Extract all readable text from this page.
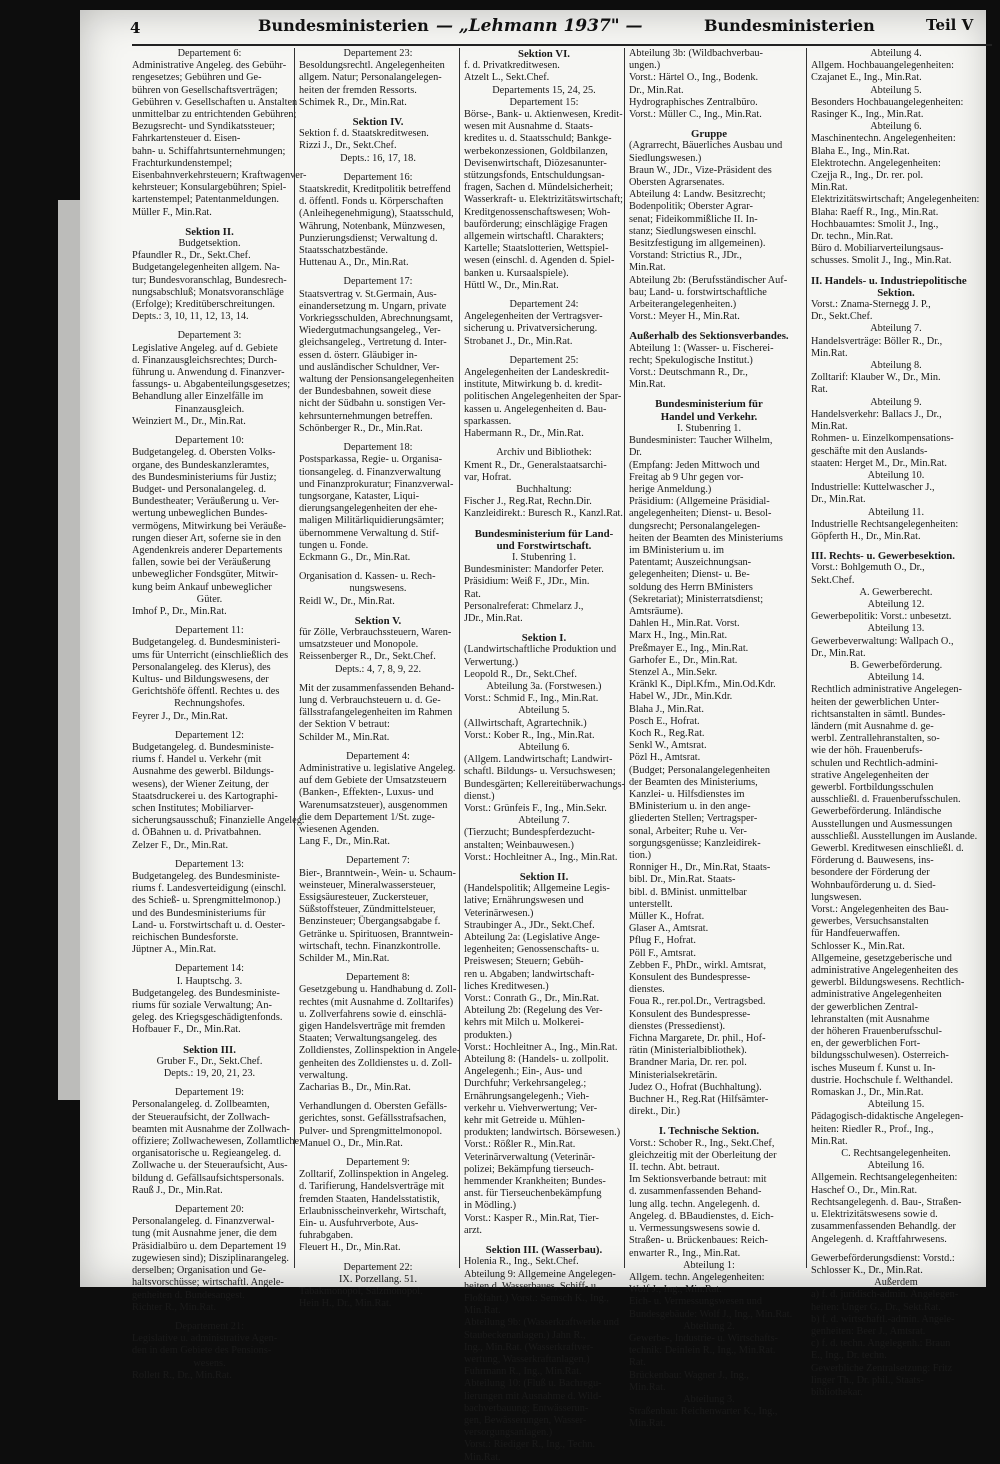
4	Bundesministerien — „Lehmann 1937" —	Bundesministerien	Teil V
Departement 6:
Administrative Angeleg. des Gebühr-
rengesetzes; Gebühren und Ge-
bühren von Gesellschaftsverträgen;
Gebühren v. Gesellschaften u. Anstalten
unmittelbar zu entrichtenden Gebühren;
Bezugsrecht- und Syndikatssteuer;
Fahrkartensteuer d. Eisen-
bahn- u. Schiffahrtsunternehmungen;
Frachturkundenstempel;
Eisenbahnverkehrsteuern; Kraftwagenver-
kehrsteuer; Konsulargebühren; Spiel-
kartenstempel; Patentanmeldungen.
Müller F., Min.Rat.
Sektion II.
Budgetsektion.
Pfaundler R., Dr., Sekt.Chef.
Budgetangelegenheiten allgem. Na-
tur; Bundesvoranschlag, Bundesrech-
nungsabschluß; Monatsvoranschläge
(Erfolge); Kreditüberschreitungen.
Depts.: 3, 10, 11, 12, 13, 14.
Departement 3:
Legislative Angeleg. auf d. Gebiete
d. Finanzausgleichsrechtes; Durch-
führung u. Anwendung d. Finanzver-
fassungs- u. Abgabenteilungsgesetzes;
Behandlung aller Einzelfälle im
Finanzausgleich.
Weinziert M., Dr., Min.Rat.
Departement 10:
Budgetangeleg. d. Obersten Volks-
organe, des Bundeskanzleramtes,
des Bundesministeriums für Justiz;
Budget- und Personalangeleg. d.
Bundestheater; Veräußerung u. Ver-
wertung unbeweglichen Bundes-
vermögens, Mitwirkung bei Veräuße-
rungen dieser Art, soferne sie in den
Agendenkreis anderer Departements
fallen, sowie bei der Veräußerung
unbeweglicher Fondsgüter, Mitwir-
kung beim Ankauf unbeweglicher
Güter.
Imhof P., Dr., Min.Rat.
Departement 11:
Budgetangeleg. d. Bundesministeri-
ums für Unterricht (einschließlich des
Personalangeleg. des Klerus), des
Kultus- und Bildungswesens, der
Gerichtshöfe öffentl. Rechtes u. des
Rechnungshofes.
Feyrer J., Dr., Min.Rat.
Departement 12:
Budgetangeleg. d. Bundesministe-
riums f. Handel u. Verkehr (mit
Ausnahme des gewerbl. Bildungs-
wesens), der Wiener Zeitung, der
Staatsdruckerei u. des Kartographi-
schen Institutes; Mobiliarver-
sicherungsausschuß; Finanzielle Angeleg.
d. ÖBahnen u. d. Privatbahnen.
Zelzer F., Dr., Min.Rat.
Departement 13:
Budgetangeleg. des Bundesministe-
riums f. Landesverteidigung (einschl.
des Schieß- u. Sprengmittelmonop.)
und des Bundesministeriums für
Land- u. Forstwirtschaft u. d. Oester-
reichischen Bundesforste.
Jüptner A., Min.Rat.
Departement 14:
I. Hauptschg. 3.
Budgetangeleg. des Bundesministe-
riums für soziale Verwaltung; An-
geleg. des Kriegsgeschädigtenfonds.
Hofbauer F., Dr., Min.Rat.
Sektion III.
Gruber F., Dr., Sekt.Chef.
Depts.: 19, 20, 21, 23.
Departement 19:
Personalangeleg. d. Zollbeamten,
der Steueraufsicht, der Zollwach-
beamten mit Ausnahme der Zollwach-
offiziere; Zollwachewesen, Zollamtliche
organisatorische u. Regieangeleg. d.
Zollwache u. der Steueraufsicht, Aus-
bildung d. Gefällsaufsichtspersonals.
Rauß J., Dr., Min.Rat.
Departement 20:
Personalangeleg. d. Finanzverwal-
tung (mit Ausnahme jener, die dem
Präsidialbüro u. dem Departement 19
zugewiesen sind); Disziplinarangeleg.
derselben; Organisation und Ge-
haltsvorschüsse; wirtschaftl. Angele-
genheiten d. Bundesangest.
Richter R., Min.Rat.
Departement 21:
Legislative u. administrative Agen-
den in dem Gebiete des Pensions-
wesens.
Rollett R., Dr., Min.Rat.
Departement 23:
Besoldungsrechtl. Angelegenheiten
allgem. Natur; Personalangelegen-
heiten der fremden Ressorts.
Schimek R., Dr., Min.Rat.
Sektion IV.
Sektion f. d. Staatskreditwesen.
Rizzi J., Dr., Sekt.Chef.
Depts.: 16, 17, 18.
Departement 16:
Staatskredit, Kreditpolitik betreffend
d. öffentl. Fonds u. Körperschaften
(Anleihegenehmigung), Staatsschuld,
Währung, Notenbank, Münzwesen,
Punzierungsdienst; Verwaltung d.
Staatsschatzbestände.
Huttenau A., Dr., Min.Rat.
Departement 17:
Staatsvertrag v. St.Germain, Aus-
einandersetzung m. Ungarn, private
Vorkriegsschulden, Abrechnungsamt,
Wiedergutmachungsangeleg., Ver-
gleichsangeleg., Vertretung d. Inter-
essen d. österr. Gläubiger in-
und ausländischer Schuldner, Ver-
waltung der Pensionsangelegenheiten
der Bundesbahnen, soweit diese
nicht der Südbahn u. sonstigen Ver-
kehrsunternehmungen betreffen.
Schönberger R., Dr., Min.Rat.
Departement 18:
Postsparkassa, Regie- u. Organisa-
tionsangeleg. d. Finanzverwaltung
und Finanzprokuratur; Finanzverwal-
tungsorgane, Kataster, Liqui-
dierungsangelegenheiten der ehe-
maligen Militärliquidierungsämter;
übernommene Verwaltung d. Stif-
tungen u. Fonde.
Eckmann G., Dr., Min.Rat.
Organisation d. Kassen- u. Rech-
nungswesens.
Reidl W., Dr., Min.Rat.
Sektion V.
für Zölle, Verbrauchssteuern, Waren-
umsatzsteuer und Monopole.
Reissenberger R., Dr., Sekt.Chef.
Depts.: 4, 7, 8, 9, 22.
Mit der zusammenfassenden Behand-
lung d. Verbrauchsteuern u. d. Ge-
fällsstrafangelegenheiten im Rahmen
der Sektion V betraut:
Schilder M., Min.Rat.
Departement 4:
Administrative u. legislative Angeleg.
auf dem Gebiete der Umsatzsteuern
(Banken-, Effekten-, Luxus- und
Warenumsatzsteuer), ausgenommen
die dem Departement 1/St. zuge-
wiesenen Agenden.
Lang F., Dr., Min.Rat.
Departement 7:
Bier-, Branntwein-, Wein- u. Schaum-
weinsteuer, Mineralwassersteuer,
Essigsäuresteuer, Zuckersteuer,
Süßstoffsteuer, Zündmittelsteuer,
Benzinsteuer; Übergangsabgabe f.
Getränke u. Spirituosen, Branntwein-
wirtschaft, techn. Finanzkontrolle.
Schilder M., Min.Rat.
Departement 8:
Gesetzgebung u. Handhabung d. Zoll-
rechtes (mit Ausnahme d. Zolltarifes)
u. Zollverfahrens sowie d. einschlä-
gigen Handelsverträge mit fremden
Staaten; Verwaltungsangeleg. des
Zolldienstes, Zollinspektion in Angele-
genheiten des Zolldienstes u. d. Zoll-
verwaltung.
Zacharias B., Dr., Min.Rat.
Verhandlungen d. Obersten Gefälls-
gerichtes, sonst. Gefällsstrafsachen,
Pulver- und Sprengmittelmonopol.
Manuel O., Dr., Min.Rat.
Departement 9:
Zolltarif, Zollinspektion in Angeleg.
d. Tarifierung, Handelsverträge mit
fremden Staaten, Handelsstatistik,
Erlaubnisscheinverkehr, Wirtschaft,
Ein- u. Ausfuhrverbote, Aus-
fuhrabgaben.
Fleuert H., Dr., Min.Rat.
Departement 22:
IX. Porzellang. 51.
Tabakmonopol, Salzmonopol.
Hein H., Dr., Min.Rat.
Sektion VI.
f. d. Privatkreditwesen.
Atzelt L., Sekt.Chef.
Departements 15, 24, 25.
Departement 15:
Börse-, Bank- u. Aktienwesen, Kredit-
wesen mit Ausnahme d. Staats-
kredites u. d. Staatsschuld; Bankge-
werbekonzessionen, Goldbilanzen,
Devisenwirtschaft, Diözesanunter-
stützungsfonds, Entschuldungsan-
fragen, Sachen d. Mündelsicherheit;
Wasserkraft- u. Elektrizitätswirtschaft;
Kreditgenossenschaftswesen; Woh-
bauförderung; einschlägige Fragen
allgemein wirtschaftl. Charakters;
Kartelle; Staatslotterien, Wettspiel-
wesen (einschl. d. Agenden d. Spiel-
banken u. Kursaalspiele).
Hüttl W., Dr., Min.Rat.
Departement 24:
Angelegenheiten der Vertragsver-
sicherung u. Privatversicherung.
Strobanet J., Dr., Min.Rat.
Departement 25:
Angelegenheiten der Landeskredit-
institute, Mitwirkung b. d. kredit-
politischen Angelegenheiten der Spar-
kassen u. Angelegenheiten d. Bau-
sparkassen.
Habermann R., Dr., Min.Rat.
Archiv und Bibliothek:
Kment R., Dr., Generalstaatsarchi-
var, Hofrat.
Buchhaltung:
Fischer J., Reg.Rat, Rechn.Dir.
Kanzleidirekt.: Buresch R., Kanzl.Rat.
Bundesministerium für Land-
und Forstwirtschaft.
I. Stubenring 1.
Bundesminister: Mandorfer Peter.
Präsidium: Weiß F., JDr., Min.
Rat.
Personalreferat: Chmelarz J.,
JDr., Min.Rat.
Sektion I.
(Landwirtschaftliche Produktion und
Verwertung.)
Leopold R., Dr., Sekt.Chef.
Abteilung 3a. (Forstwesen.)
Vorst.: Schmid F., Ing., Min.Rat.
Abteilung 5.
(Allwirtschaft, Agrartechnik.)
Vorst.: Kober R., Ing., Min.Rat.
Abteilung 6.
(Allgem. Landwirtschaft; Landwirt-
schaftl. Bildungs- u. Versuchswesen;
Bundesgärten; Kellereitüberwachungs-
dienst.)
Vorst.: Grünfeis F., Ing., Min.Sekr.
Abteilung 7.
(Tierzucht; Bundespferdezucht-
anstalten; Weinbauwesen.)
Vorst.: Hochleitner A., Ing., Min.Rat.
Sektion II.
(Handelspolitik; Allgemeine Legis-
lative; Ernährungswesen und
Veterinärwesen.)
Straubinger A., JDr., Sekt.Chef.
Abteilung 2a: (Legislative Ange-
legenheiten; Genossenschafts- u.
Preiswesen; Steuern; Gebüh-
ren u. Abgaben; landwirtschaft-
liches Kreditwesen.)
Vorst.: Conrath G., Dr., Min.Rat.
Abteilung 2b: (Regelung des Ver-
kehrs mit Milch u. Molkerei-
produkten.)
Vorst.: Hochleitner A., Ing., Min.Rat.
Abteilung 8: (Handels- u. zollpolit.
Angelegenh.; Ein-, Aus- und
Durchfuhr; Verkehrsangeleg.;
Ernährungsangelegenh.; Vieh-
verkehr u. Viehverwertung; Ver-
kehr mit Getreide u. Mühlen-
produkten; landwirtsch. Börsewesen.)
Vorst.: Rößler R., Min.Rat.
Veterinärverwaltung (Veterinär-
polizei; Bekämpfung tierseuch-
hemmender Krankheiten; Bundes-
anst. für Tierseuchenbekämpfung
in Mödling.)
Vorst.: Kasper R., Min.Rat, Tier-
arzt.
Sektion III. (Wasserbau).
Holenia R., Ing., Sekt.Chef.
Abteilung 9: Allgemeine Angelegen-
heiten d. Wasserbaues, Schiff- u.
Floßfahrt.) Vorst.: Semsch K., Ing.,
Min.Rat.
Abteilung 9b: (Wasserkraftwerke und
Staubeckenanlagen.) Jahn R.,
Ing., Min.Rat. (Wasserkraftver-
wertung, Wasserkraftanlagen.)
Fuhrmann R., Ing., Min.Rat.
Abteilung 10: (Fluß u. Bachregu-
lierungen mit Ausnahme d. Wild-
bachverbauung; Entwässerun-
gen, Bewässerungen, Wasser-
versorgungsanlagen.)
Vorst.: Riediger R., Ing., Techn.
Min.Rat.
Abteilung 3b: (Wildbachverbau-
ungen.)
Vorst.: Härtel O., Ing., Bodenk.
Dr., Min.Rat.
Hydrographisches Zentralbüro.
Vorst.: Müller C., Ing., Min.Rat.
Gruppe
(Agrarrecht, Bäuerliches Ausbau und
Siedlungswesen.)
Braun W., JDr., Vize-Präsident des
Obersten Agrarsenates.
Abteilung 4: Landw. Besitzrecht;
Bodenpolitik; Oberster Agrar-
senat; Fideikommißliche II. In-
stanz; Siedlungswesen einschl.
Besitzfestigung im allgemeinen).
Vorstand: Strictius R., JDr.,
Min.Rat.
Abteilung 2b: (Berufsständischer Auf-
bau; Land- u. forstwirtschaftliche
Arbeiterangelegenheiten.)
Vorst.: Meyer H., Min.Rat.
Außerhalb des Sektionsverbandes.
Abteilung 1: (Wasser- u. Fischerei-
recht; Spekulogische Institut.)
Vorst.: Deutschmann R., Dr.,
Min.Rat.
Bundesministerium für
Handel und Verkehr.
I. Stubenring 1.
Bundesminister: Taucher Wilhelm,
Dr.
(Empfang: Jeden Mittwoch und
Freitag ab 9 Uhr gegen vor-
herige Anmeldung.)
Präsidium: (Allgemeine Präsidial-
angelegenheiten; Dienst- u. Besol-
dungsrecht; Personalangelegen-
heiten der Beamten des Ministeriums
im BMinisterium u. im
Patentamt; Auszeichnungsan-
gelegenheiten; Dienst- u. Be-
soldung des Herrn BMinisters
(Sekretariat); Ministerratsdienst;
Amtsräume).
Dahlen H., Min.Rat. Vorst.
Marx H., Ing., Min.Rat.
Preßmayer E., Ing., Min.Rat.
Garhofer E., Dr., Min.Rat.
Stenzel A., Min.Sekr.
Kränkl K., Dipl.Kfm., Min.Od.Kdr.
Habel W., JDr., Min.Kdr.
Blaha J., Min.Rat.
Posch E., Hofrat.
Koch R., Reg.Rat.
Senkl W., Amtsrat.
Pözl H., Amtsrat.
(Budget; Personalangelegenheiten
der Beamten des Ministeriums,
Kanzlei- u. Hilfsdienstes im
BMinisterium u. in den ange-
gliederten Stellen; Vertragsper-
sonal, Arbeiter; Ruhe u. Ver-
sorgungsgenüsse; Kanzleidirek-
tion.)
Ronniger H., Dr., Min.Rat, Staats-
bibl. Dr., Min.Rat. Staats-
bibl. d. BMinist. unmittelbar
unterstellt.
Müller K., Hofrat.
Glaser A., Amtsrat.
Pflug F., Hofrat.
Pöll F., Amtsrat.
Zebben F., PhDr., wirkl. Amtsrat,
Konsulent des Bundespresse-
dienstes.
Foua R., rer.pol.Dr., Vertragsbed.
Konsulent des Bundespresse-
dienstes (Pressedienst).
Fichna Margarete, Dr. phil., Hof-
rätin (Ministerialbibliothek).
Brandner Maria, Dr. rer. pol.
Ministerialsekretärin.
Judez O., Hofrat (Buchhaltung).
Buchner H., Reg.Rat (Hilfsämter-
direkt., Dir.)
I. Technische Sektion.
Vorst.: Schober R., Ing., Sekt.Chef,
gleichzeitig mit der Oberleitung der
II. techn. Abt. betraut.
Im Sektionsverbande betraut: mit
d. zusammenfassenden Behand-
lung allg. techn. Angelegenh. d.
Angeleg. d. BBaudienstes, d. Eich-
u. Vermessungswesens sowie d.
Straßen- u. Brückenbaues: Reich-
enwarter R., Ing., Min.Rat.
Abteilung 1:
Allgem. techn. Angelegenheiten:
Wolf J., Ing., Min.Rat.
Eich- u. Vermessungswesen und
Bundesgebäude: Wolf J., Ing., Min.Rat.
Abteilung 2.
Gewerbe-, Industrie- u. Wirtschafts-
technik: Deinlein R., Ing., Min.Rat.
Rat.
Brückenbau: Wagner J., Ing.,
Min.Rat.
Abteilung 3.
Straßenbau: Reichenwarter K., Ing.,
Min.Rat.
Abteilung 4.
Allgem. Hochbauangelegenheiten:
Czajanet E., Ing., Min.Rat.
Abteilung 5.
Besonders Hochbauangelegenheiten:
Rasinger K., Ing., Min.Rat.
Abteilung 6.
Maschinentechn. Angelegenheiten:
Blaha E., Ing., Min.Rat.
Elektrotechn. Angelegenheiten:
Czejja R., Ing., Dr. rer. pol.
Min.Rat.
Elektrizitätswirtschaft; Angelegenheiten:
Blaha: Raeff R., Ing., Min.Rat.
Hochbauamtes: Smolit J., Ing.,
Dr. techn., Min.Rat.
Büro d. Mobiliarverteilungsaus-
schusses. Smolit J., Ing., Min.Rat.
II. Handels- u. Industriepolitische
Sektion.
Vorst.: Znama-Sternegg J. P.,
Dr., Sekt.Chef.
Abteilung 7.
Handelsverträge: Böller R., Dr.,
Min.Rat.
Abteilung 8.
Zolltarif: Klauber W., Dr., Min.
Rat.
Abteilung 9.
Handelsverkehr: Ballacs J., Dr.,
Min.Rat.
Rohmen- u. Einzelkompensations-
geschäfte mit den Auslands-
staaten: Herget M., Dr., Min.Rat.
Abteilung 10.
Industrielle: Kuttelwascher J.,
Dr., Min.Rat.
Abteilung 11.
Industrielle Rechtsangelegenheiten:
Göpferth H., Dr., Min.Rat.
III. Rechts- u. Gewerbesektion.
Vorst.: Bohlgemuth O., Dr.,
Sekt.Chef.
A. Gewerberecht.
Abteilung 12.
Gewerbepolitik: Vorst.: unbesetzt.
Abteilung 13.
Gewerbeverwaltung: Wallpach O.,
Dr., Min.Rat.
B. Gewerbeförderung.
Abteilung 14.
Rechtlich administrative Angelegen-
heiten der gewerblichen Unter-
richtsanstalten in sämtl. Bundes-
ländern (mit Ausnahme d. ge-
werbl. Zentrallehranstalten, so-
wie der höh. Frauenberufs-
schulen und Rechtlich-admini-
strative Angelegenheiten der
gewerbl. Fortbildungsschulen
ausschließl. d. Frauenberufsschulen.
Gewerbeförderung. Inländische
Ausstellungen und Ausmessungen
ausschließl. Ausstellungen im Auslande.
Gewerbl. Kreditwesen einschließl. d.
Förderung d. Bauwesens, ins-
besondere der Förderung der
Wohnbauförderung u. d. Sied-
lungswesen.
Vorst.: Angelegenheiten des Bau-
gewerbes, Versuchsanstalten
für Handfeuerwaffen.
Schlosser K., Min.Rat.
Allgemeine, gesetzgeberische und
administrative Angelegenheiten des
gewerbl. Bildungswesens. Rechtlich-
administrative Angelegenheiten
der gewerblichen Zentral-
lehranstalten (mit Ausnahme
der höheren Frauenberufsschul-
en, der gewerblichen Fort-
bildungsschulwesen). Osterreich-
isches Museum f. Kunst u. In-
dustrie. Hochschule f. Welthandel.
Romaskan J., Dr., Min.Rat.
Abteilung 15.
Pädagogisch-didaktische Angelegen-
heiten: Riedler R., Prof., Ing.,
Min.Rat.
C. Rechtsangelegenheiten.
Abteilung 16.
Allgemein. Rechtsangelegenheiten:
Haschef O., Dr., Min.Rat.
Rechtsangelegenh. d. Bau-, Straßen-
u. Elektrizitätswesens sowie d.
zusammenfassenden Behandlg. der
Angelegenh. d. Kraftfahrwesens.
Gewerbeförderungsdienst: Vorstd.:
Schlosser K., Dr., Min.Rat.
Außerdem
a) f. d. juridisch-admin. Angelegen-
heiten: Unger G., Dr., Sekt.Rat.
b) f. d. wirtschaftl.-admin. Angele-
genheiten: Beer J., Amtsrat.
c) f. d. techn. Angelegenh.: Braun
E., Ing., Dr. techn.
Gewerbliche Zentralsetzung: Fritz
linger Th., Dr. phil., Staats-
bibliothekar.
